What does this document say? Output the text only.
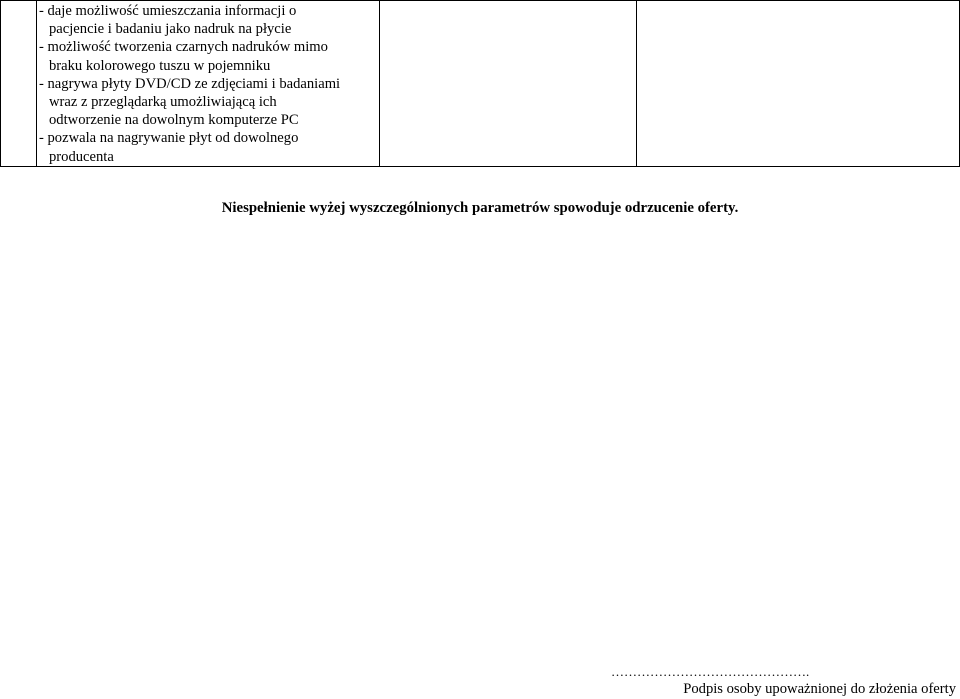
- daje możliwość umieszczania informacji o
pacjencie i badaniu jako nadruk na płycie
- możliwość tworzenia czarnych nadruków mimo
braku kolorowego tuszu w pojemniku
- nagrywa płyty DVD/CD ze zdjęciami i badaniami
wraz z przeglądarką umożliwiającą ich
odtworzenie na dowolnym komputerze PC
- pozwala na nagrywanie płyt od dowolnego
producenta

Niespełnienie wyżej wyszczególnionych parametrów spowoduje odrzucenie oferty.
……………………………………….
Podpis osoby upoważnionej do złożenia oferty
